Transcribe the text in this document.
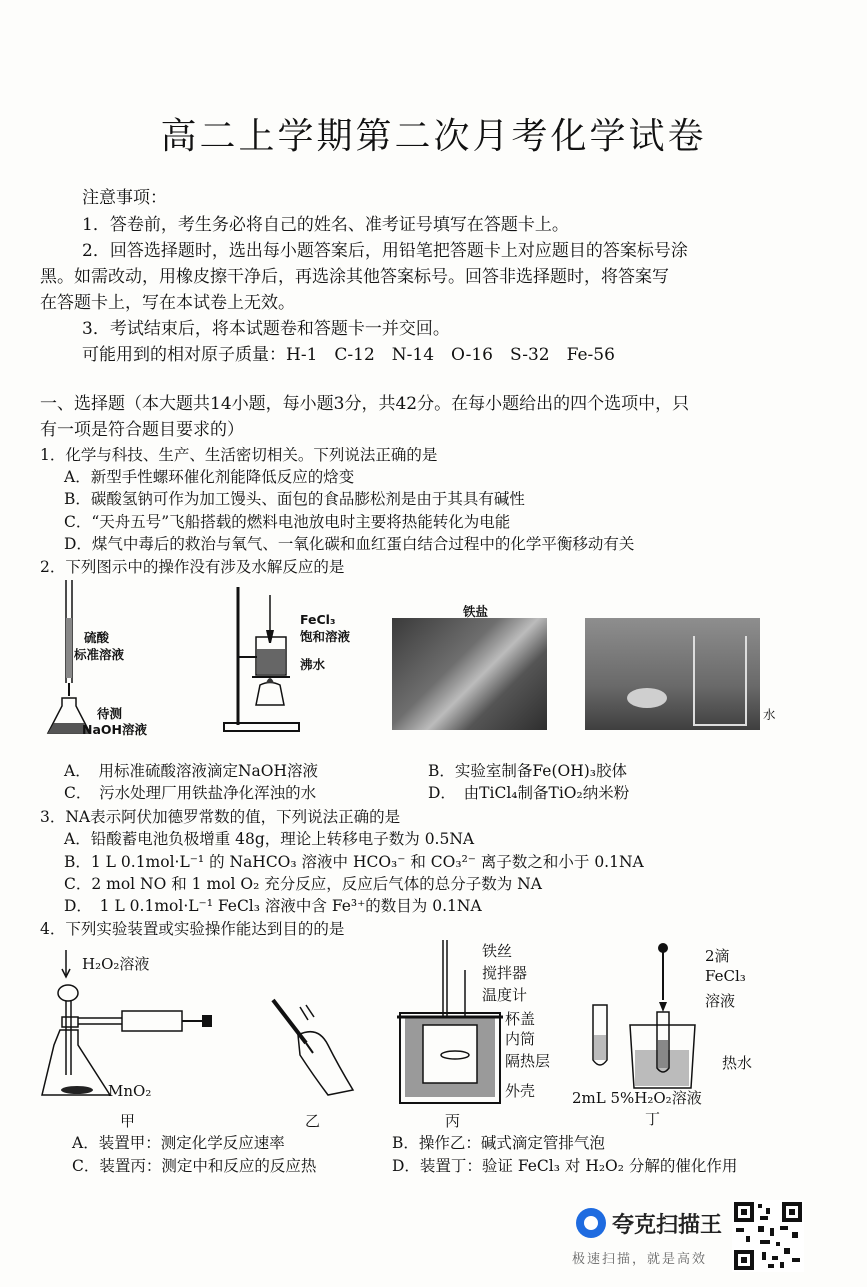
高二上学期第二次月考化学试卷
注意事项：
1．答卷前，考生务必将自己的姓名、准考证号填写在答题卡上。
2．回答选择题时，选出每小题答案后，用铅笔把答题卡上对应题目的答案标号涂
黑。如需改动，用橡皮擦干净后，再选涂其他答案标号。回答非选择题时，将答案写
在答题卡上，写在本试卷上无效。
3．考试结束后，将本试题卷和答题卡一并交回。
可能用到的相对原子质量：H-1　C-12　N-14　O-16　S-32　Fe-56
一、选择题（本大题共14小题，每小题3分，共42分。在每小题给出的四个选项中，只
有一项是符合题目要求的）
1．化学与科技、生产、生活密切相关。下列说法正确的是
A．新型手性螺环催化剂能降低反应的焓变
B．碳酸氢钠可作为加工馒头、面包的食品膨松剂是由于其具有碱性
C．“天舟五号”飞船搭载的燃料电池放电时主要将热能转化为电能
D．煤气中毒后的救治与氧气、一氧化碳和血红蛋白结合过程中的化学平衡移动有关
2．下列图示中的操作没有涉及水解反应的是
硫酸
标准溶液
待测
NaOH溶液
FeCl₃
饱和溶液
沸水
铁盐
水
A．　用标准硫酸溶液滴定NaOH溶液	B．实验室制备Fe(OH)₃胶体
C．　污水处理厂用铁盐净化浑浊的水	D．　由TiCl₄制备TiO₂纳米粉
3．NA表示阿伏加德罗常数的值，下列说法正确的是
A．铅酸蓄电池负极增重 48g，理论上转移电子数为 0.5NA
B．1 L 0.1mol·L⁻¹ 的 NaHCO₃ 溶液中 HCO₃⁻ 和 CO₃²⁻ 离子数之和小于 0.1NA
C．2 mol NO 和 1 mol O₂ 充分反应，反应后气体的总分子数为 NA
D．　1 L 0.1mol·L⁻¹ FeCl₃ 溶液中含 Fe³⁺的数目为 0.1NA
4．下列实验装置或实验操作能达到目的的是
H₂O₂溶液
MnO₂
甲	乙
铁丝
搅拌器
温度计
杯盖
内筒
隔热层
外壳
丙
2滴
FeCl₃
溶液
热水
2mL 5%H₂O₂溶液
丁
A．装置甲：测定化学反应速率	B．操作乙：碱式滴定管排气泡
C．装置丙：测定中和反应的反应热	D．装置丁：验证 FeCl₃ 对 H₂O₂ 分解的催化作用
夸克扫描王
极速扫描，就是高效
